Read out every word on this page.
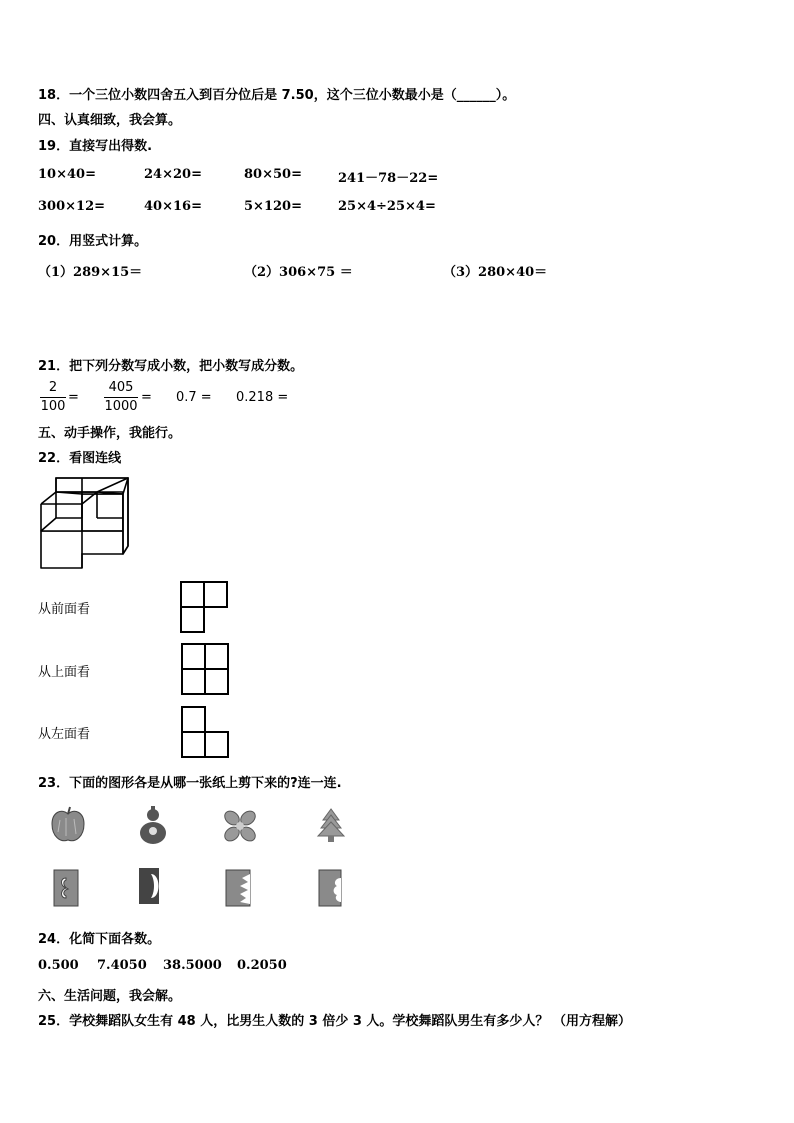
18．一个三位小数四舍五入到百分位后是 7.50，这个三位小数最小是（______）。
四、认真细致，我会算。
19．直接写出得数.
10×40=	24×20=	80×50=	241－78－22=
300×12=	40×16=	5×120=	25×4÷25×4=
20．用竖式计算。
（1）289×15＝	（2）306×75 ＝	（3）280×40＝
21．把下列分数写成小数，把小数写成分数。
2
100
=
405
1000
= 0.7 = 0.218 =
五、动手操作，我能行。
22．看图连线
从前面看
从上面看
从左面看
23．下面的图形各是从哪一张纸上剪下来的?连一连.
24．化简下面各数。
0.500 7.4050 38.5000 0.2050
六、生活问题，我会解。
25．学校舞蹈队女生有 48 人，比男生人数的 3 倍少 3 人。学校舞蹈队男生有多少人？ （用方程解）
